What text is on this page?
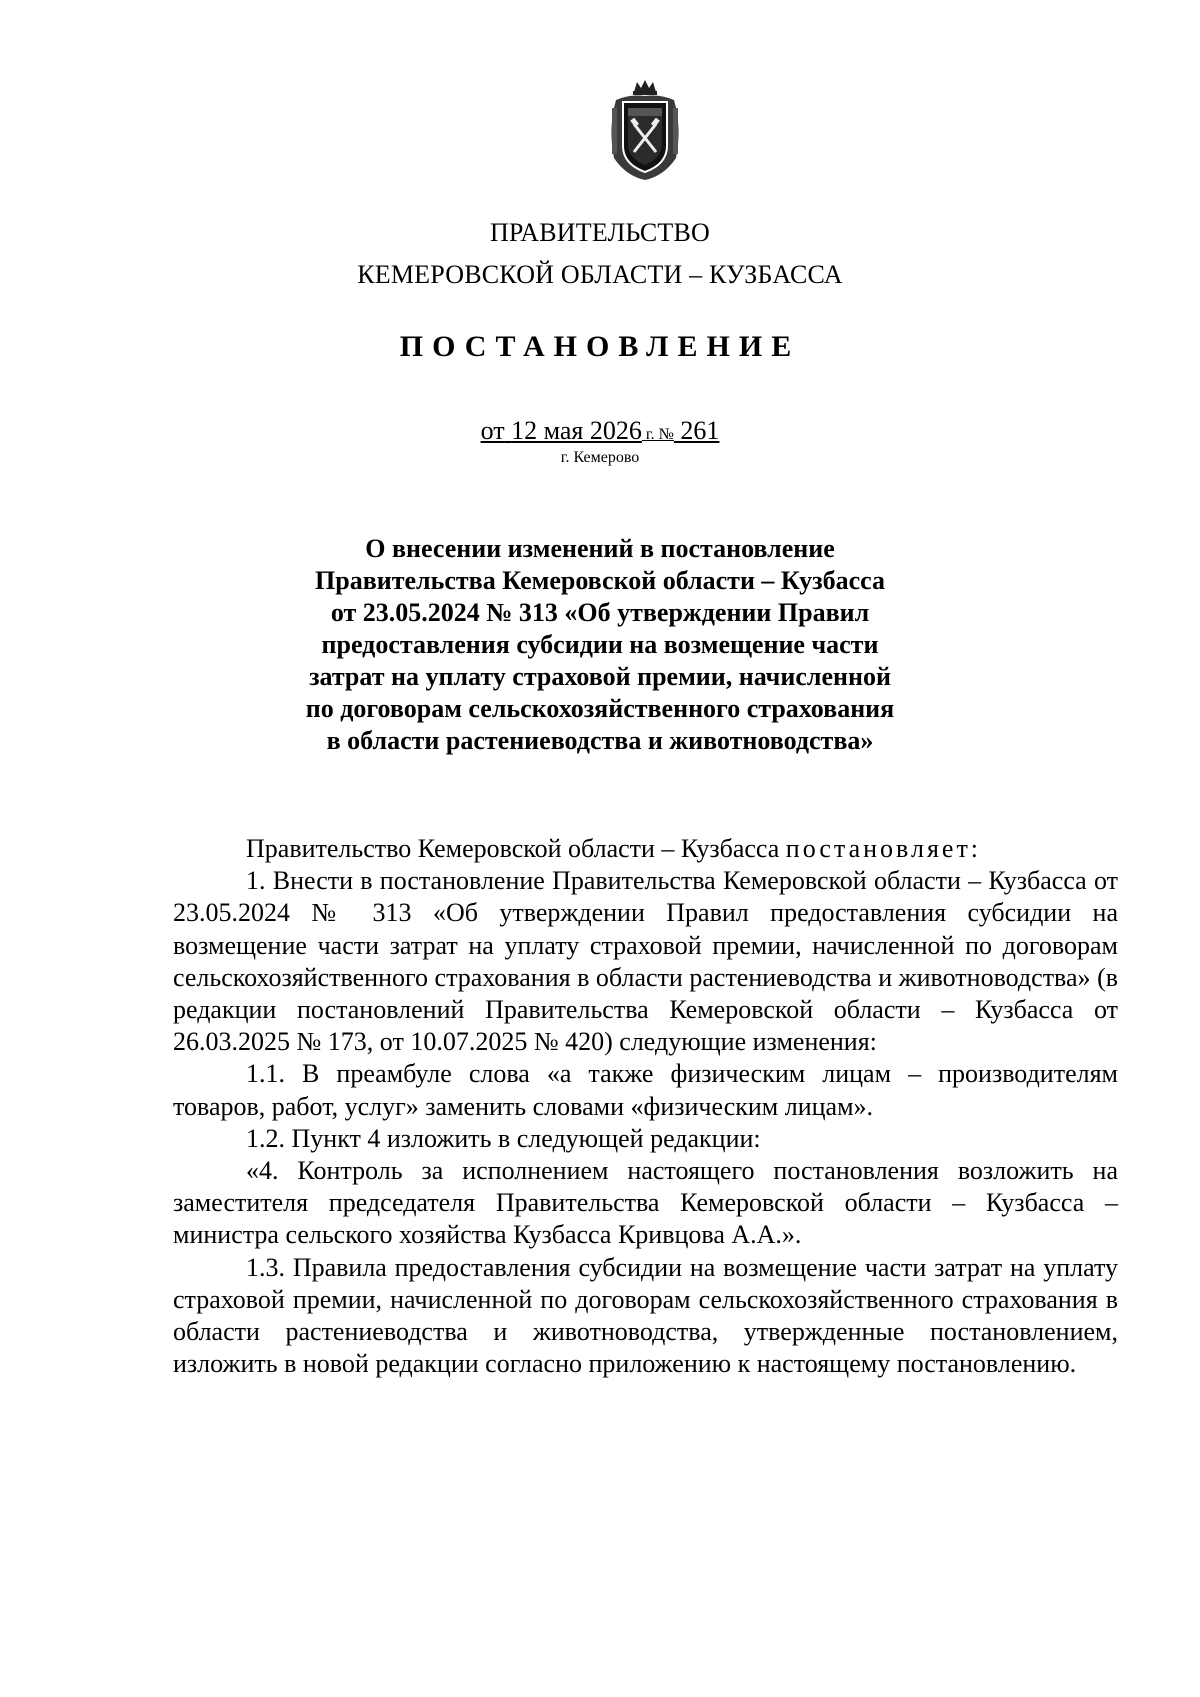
ПРАВИТЕЛЬСТВО
КЕМЕРОВСКОЙ ОБЛАСТИ – КУЗБАССА
ПОСТАНОВЛЕНИЕ
от 12 мая 2026 г. № 261
г. Кемерово
О внесении изменений в постановление
Правительства Кемеровской области – Кузбасса
от 23.05.2024 № 313 «Об утверждении Правил
предоставления субсидии на возмещение части
затрат на уплату страховой премии, начисленной
по договорам сельскохозяйственного страхования
в области растениеводства и животноводства»

Правительство Кемеровской области – Кузбасса постановляет:

1. Внести в постановление Правительства Кемеровской области – Кузбасса от 23.05.2024 № 313 «Об утверждении Правил предоставления субсидии на возмещение части затрат на уплату страховой премии, начисленной по договорам сельскохозяйственного страхования в области растениеводства и животноводства» (в редакции постановлений Правительства Кемеровской области – Кузбасса от 26.03.2025 № 173, от 10.07.2025 № 420) следующие изменения:

1.1. В преамбуле слова «а также физическим лицам – производителям товаров, работ, услуг» заменить словами «физическим лицам».

1.2. Пункт 4 изложить в следующей редакции:

«4. Контроль за исполнением настоящего постановления возложить на заместителя председателя Правительства Кемеровской области – Кузбасса – министра сельского хозяйства Кузбасса Кривцова А.А.».

1.3. Правила предоставления субсидии на возмещение части затрат на уплату страховой премии, начисленной по договорам сельскохозяйственного страхования в области растениеводства и животноводства, утвержденные постановлением, изложить в новой редакции согласно приложению к настоящему постановлению.
